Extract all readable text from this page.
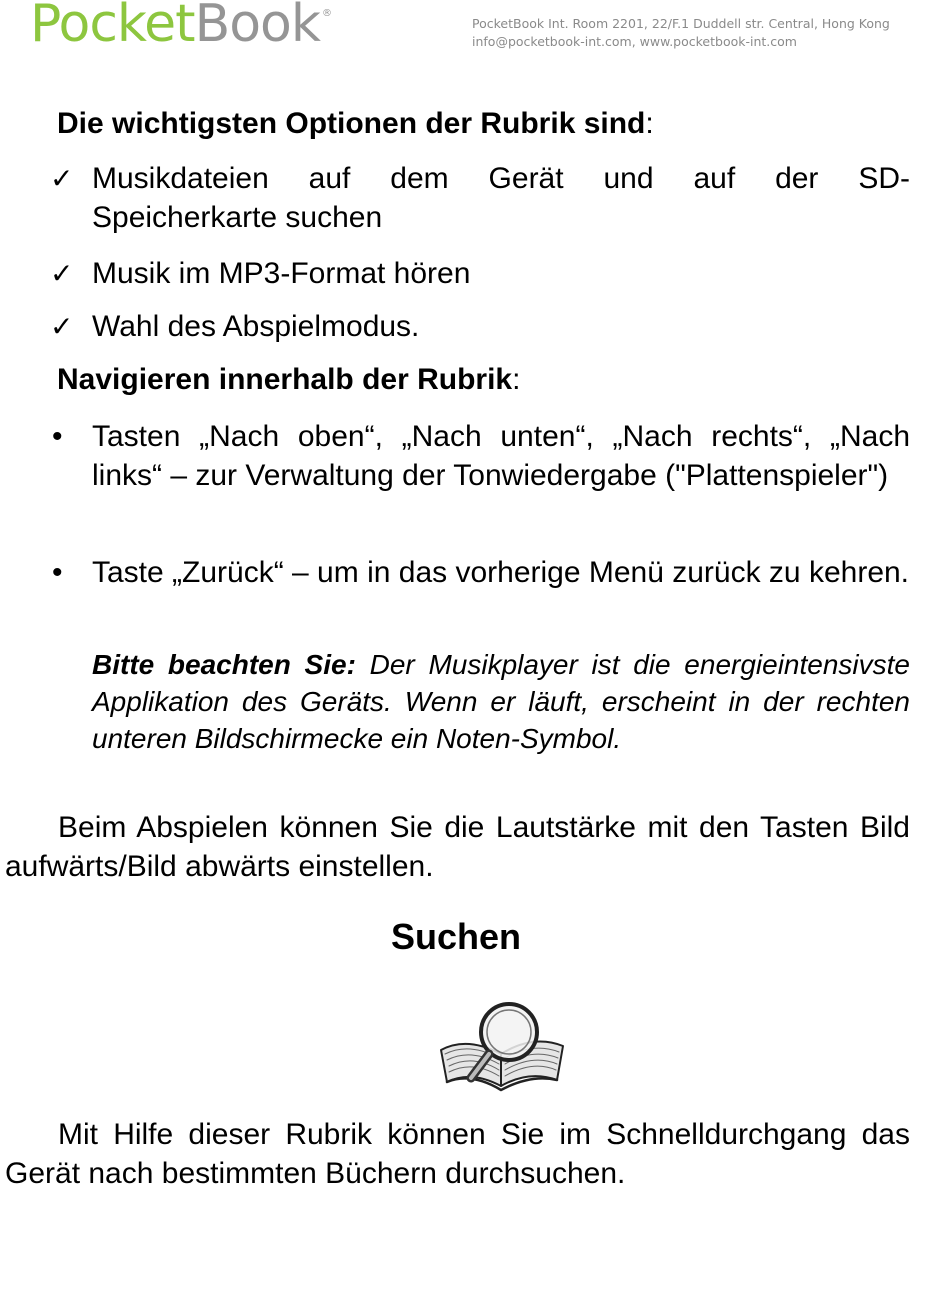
PocketBook ®
PocketBook Int. Room 2201, 22/F.1 Duddell str. Central, Hong Kong
info@pocketbook-int.com, www.pocketbook-int.com
Die wichtigsten Optionen der Rubrik sind:
✓ Musikdateien auf dem Gerät und auf der SD-
Speicherkarte suchen
✓ Musik im MP3-Format hören
✓ Wahl des Abspielmodus.
Navigieren innerhalb der Rubrik:
• Tasten „Nach oben“, „Nach unten“, „Nach rechts“, „Nach links“ – zur Verwaltung der Tonwiedergabe ("Plattenspieler")
• Taste „Zurück“ – um in das vorherige Menü zurück zu kehren.
Bitte beachten Sie: Der Musikplayer ist die energieintensivste Applikation des Geräts. Wenn er läuft, erscheint in der rechten unteren Bildschirmecke ein Noten-Symbol.
Beim Abspielen können Sie die Lautstärke mit den Tasten Bild aufwärts/Bild abwärts einstellen.
Suchen
Mit Hilfe dieser Rubrik können Sie im Schnelldurchgang das Gerät nach bestimmten Büchern durchsuchen.
